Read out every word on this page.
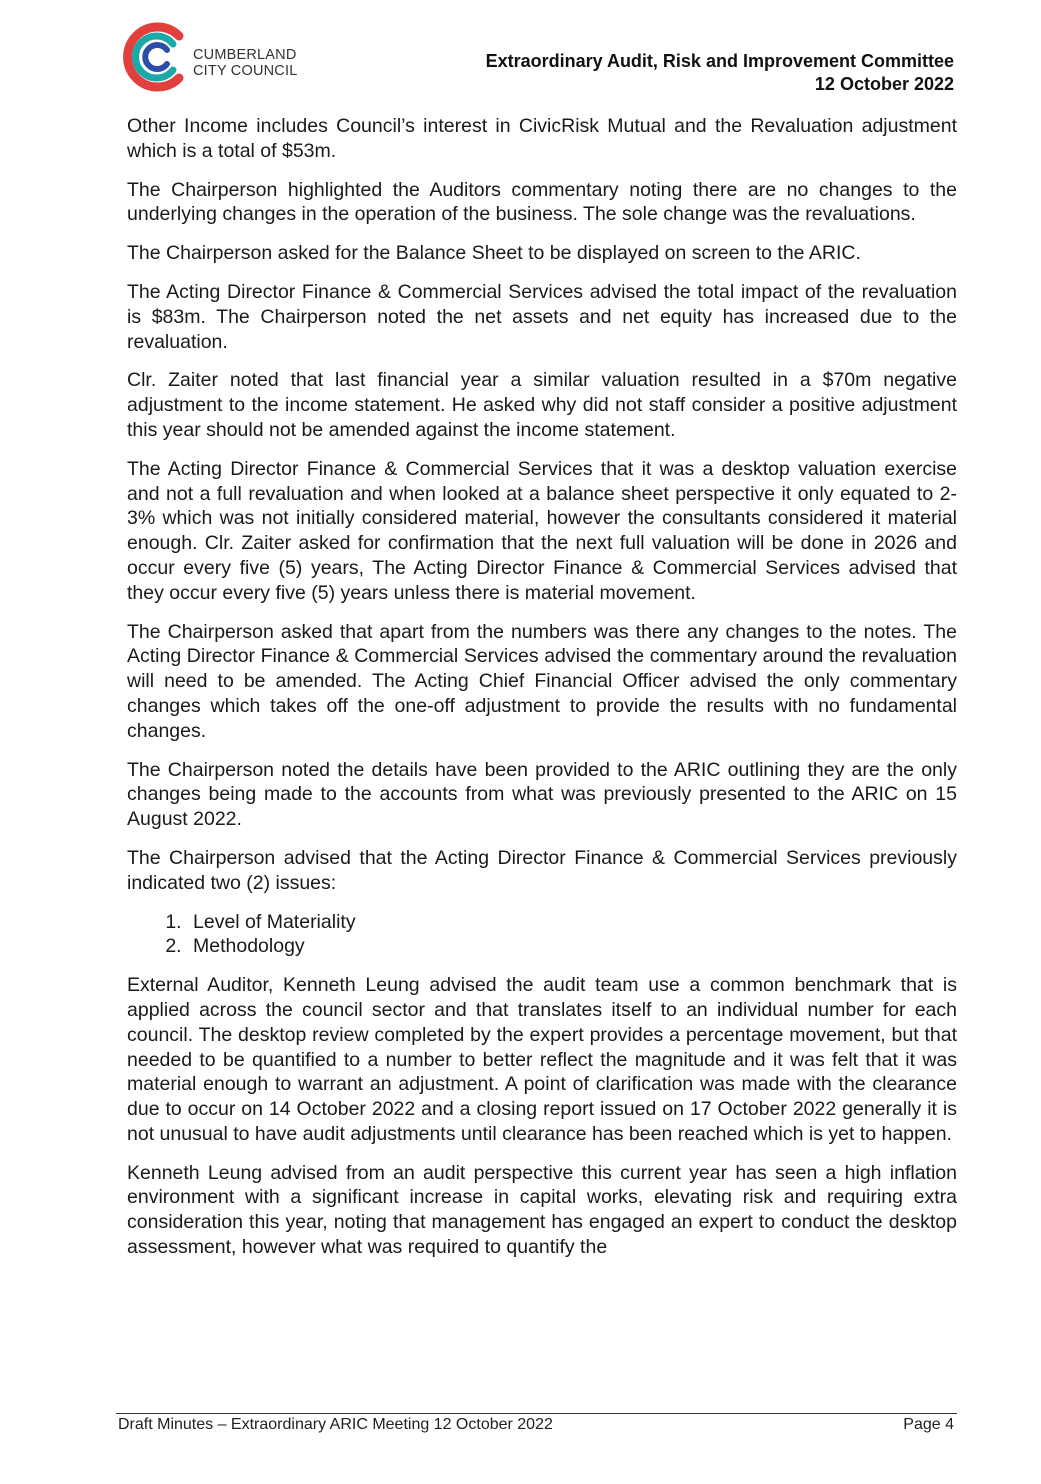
CUMBERLAND
CITY COUNCIL	Extraordinary Audit, Risk and Improvement Committee
12 October 2022

Other Income includes Council’s interest in CivicRisk Mutual and the Revaluation adjustment which is a total of $53m.

The Chairperson highlighted the Auditors commentary noting there are no changes to the underlying changes in the operation of the business. The sole change was the revaluations.

The Chairperson asked for the Balance Sheet to be displayed on screen to the ARIC.

The Acting Director Finance & Commercial Services advised the total impact of the revaluation is $83m. The Chairperson noted the net assets and net equity has increased due to the revaluation.

Clr. Zaiter noted that last financial year a similar valuation resulted in a $70m negative adjustment to the income statement. He asked why did not staff consider a positive adjustment this year should not be amended against the income statement.

The Acting Director Finance & Commercial Services that it was a desktop valuation exercise and not a full revaluation and when looked at a balance sheet perspective it only equated to 2-3% which was not initially considered material, however the consultants considered it material enough. Clr. Zaiter asked for confirmation that the next full valuation will be done in 2026 and occur every five (5) years, The Acting Director Finance & Commercial Services advised that they occur every five (5) years unless there is material movement.

The Chairperson asked that apart from the numbers was there any changes to the notes. The Acting Director Finance & Commercial Services advised the commentary around the revaluation will need to be amended. The Acting Chief Financial Officer advised the only commentary changes which takes off the one-off adjustment to provide the results with no fundamental changes.

The Chairperson noted the details have been provided to the ARIC outlining they are the only changes being made to the accounts from what was previously presented to the ARIC on 15 August 2022.

The Chairperson advised that the Acting Director Finance & Commercial Services previously indicated two (2) issues:

1. Level of Materiality
2. Methodology

External Auditor, Kenneth Leung advised the audit team use a common benchmark that is applied across the council sector and that translates itself to an individual number for each council. The desktop review completed by the expert provides a percentage movement, but that needed to be quantified to a number to better reflect the magnitude and it was felt that it was material enough to warrant an adjustment. A point of clarification was made with the clearance due to occur on 14 October 2022 and a closing report issued on 17 October 2022 generally it is not unusual to have audit adjustments until clearance has been reached which is yet to happen.

Kenneth Leung advised from an audit perspective this current year has seen a high inflation environment with a significant increase in capital works, elevating risk and requiring extra consideration this year, noting that management has engaged an expert to conduct the desktop assessment, however what was required to quantify the

Draft Minutes – Extraordinary ARIC Meeting 12 October 2022	Page 4
